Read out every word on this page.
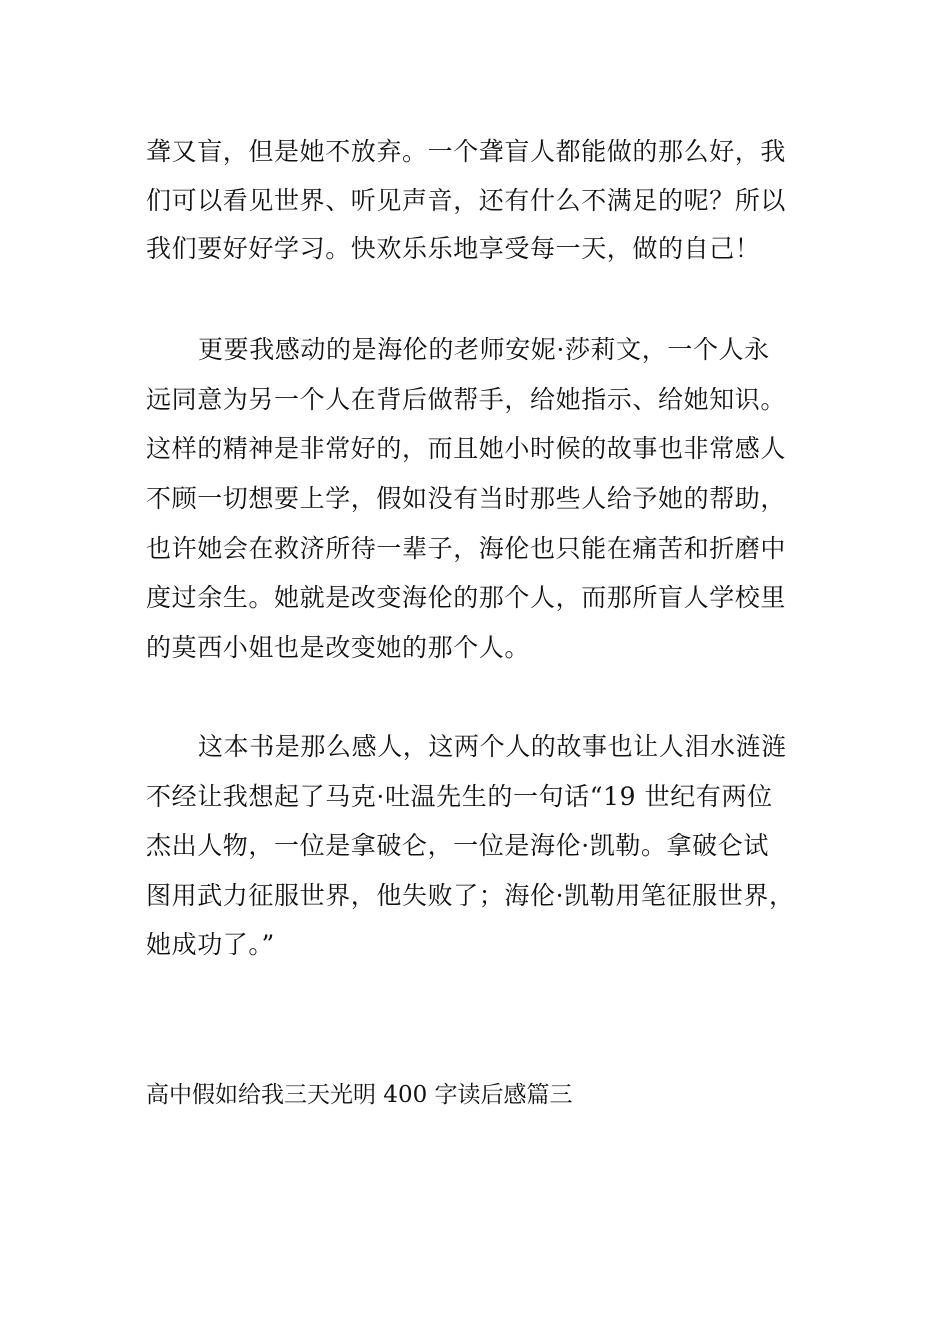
聋又盲，但是她不放弃。一个聋盲人都能做的那么好，我
们可以看见世界、听见声音，还有什么不满足的呢？所以
我们要好好学习。快欢乐乐地享受每一天，做的自己！
更要我感动的是海伦的老师安妮·莎莉文，一个人永
远同意为另一个人在背后做帮手，给她指示、给她知识。
这样的精神是非常好的，而且她小时候的故事也非常感人
不顾一切想要上学，假如没有当时那些人给予她的帮助，
也许她会在救济所待一辈子，海伦也只能在痛苦和折磨中
度过余生。她就是改变海伦的那个人，而那所盲人学校里
的莫西小姐也是改变她的那个人。
这本书是那么感人，这两个人的故事也让人泪水涟涟
不经让我想起了马克·吐温先生的一句话“19 世纪有两位
杰出人物，一位是拿破仑，一位是海伦·凯勒。拿破仑试
图用武力征服世界，他失败了；海伦·凯勒用笔征服世界，
她成功了。”
高中假如给我三天光明 400 字读后感篇三
